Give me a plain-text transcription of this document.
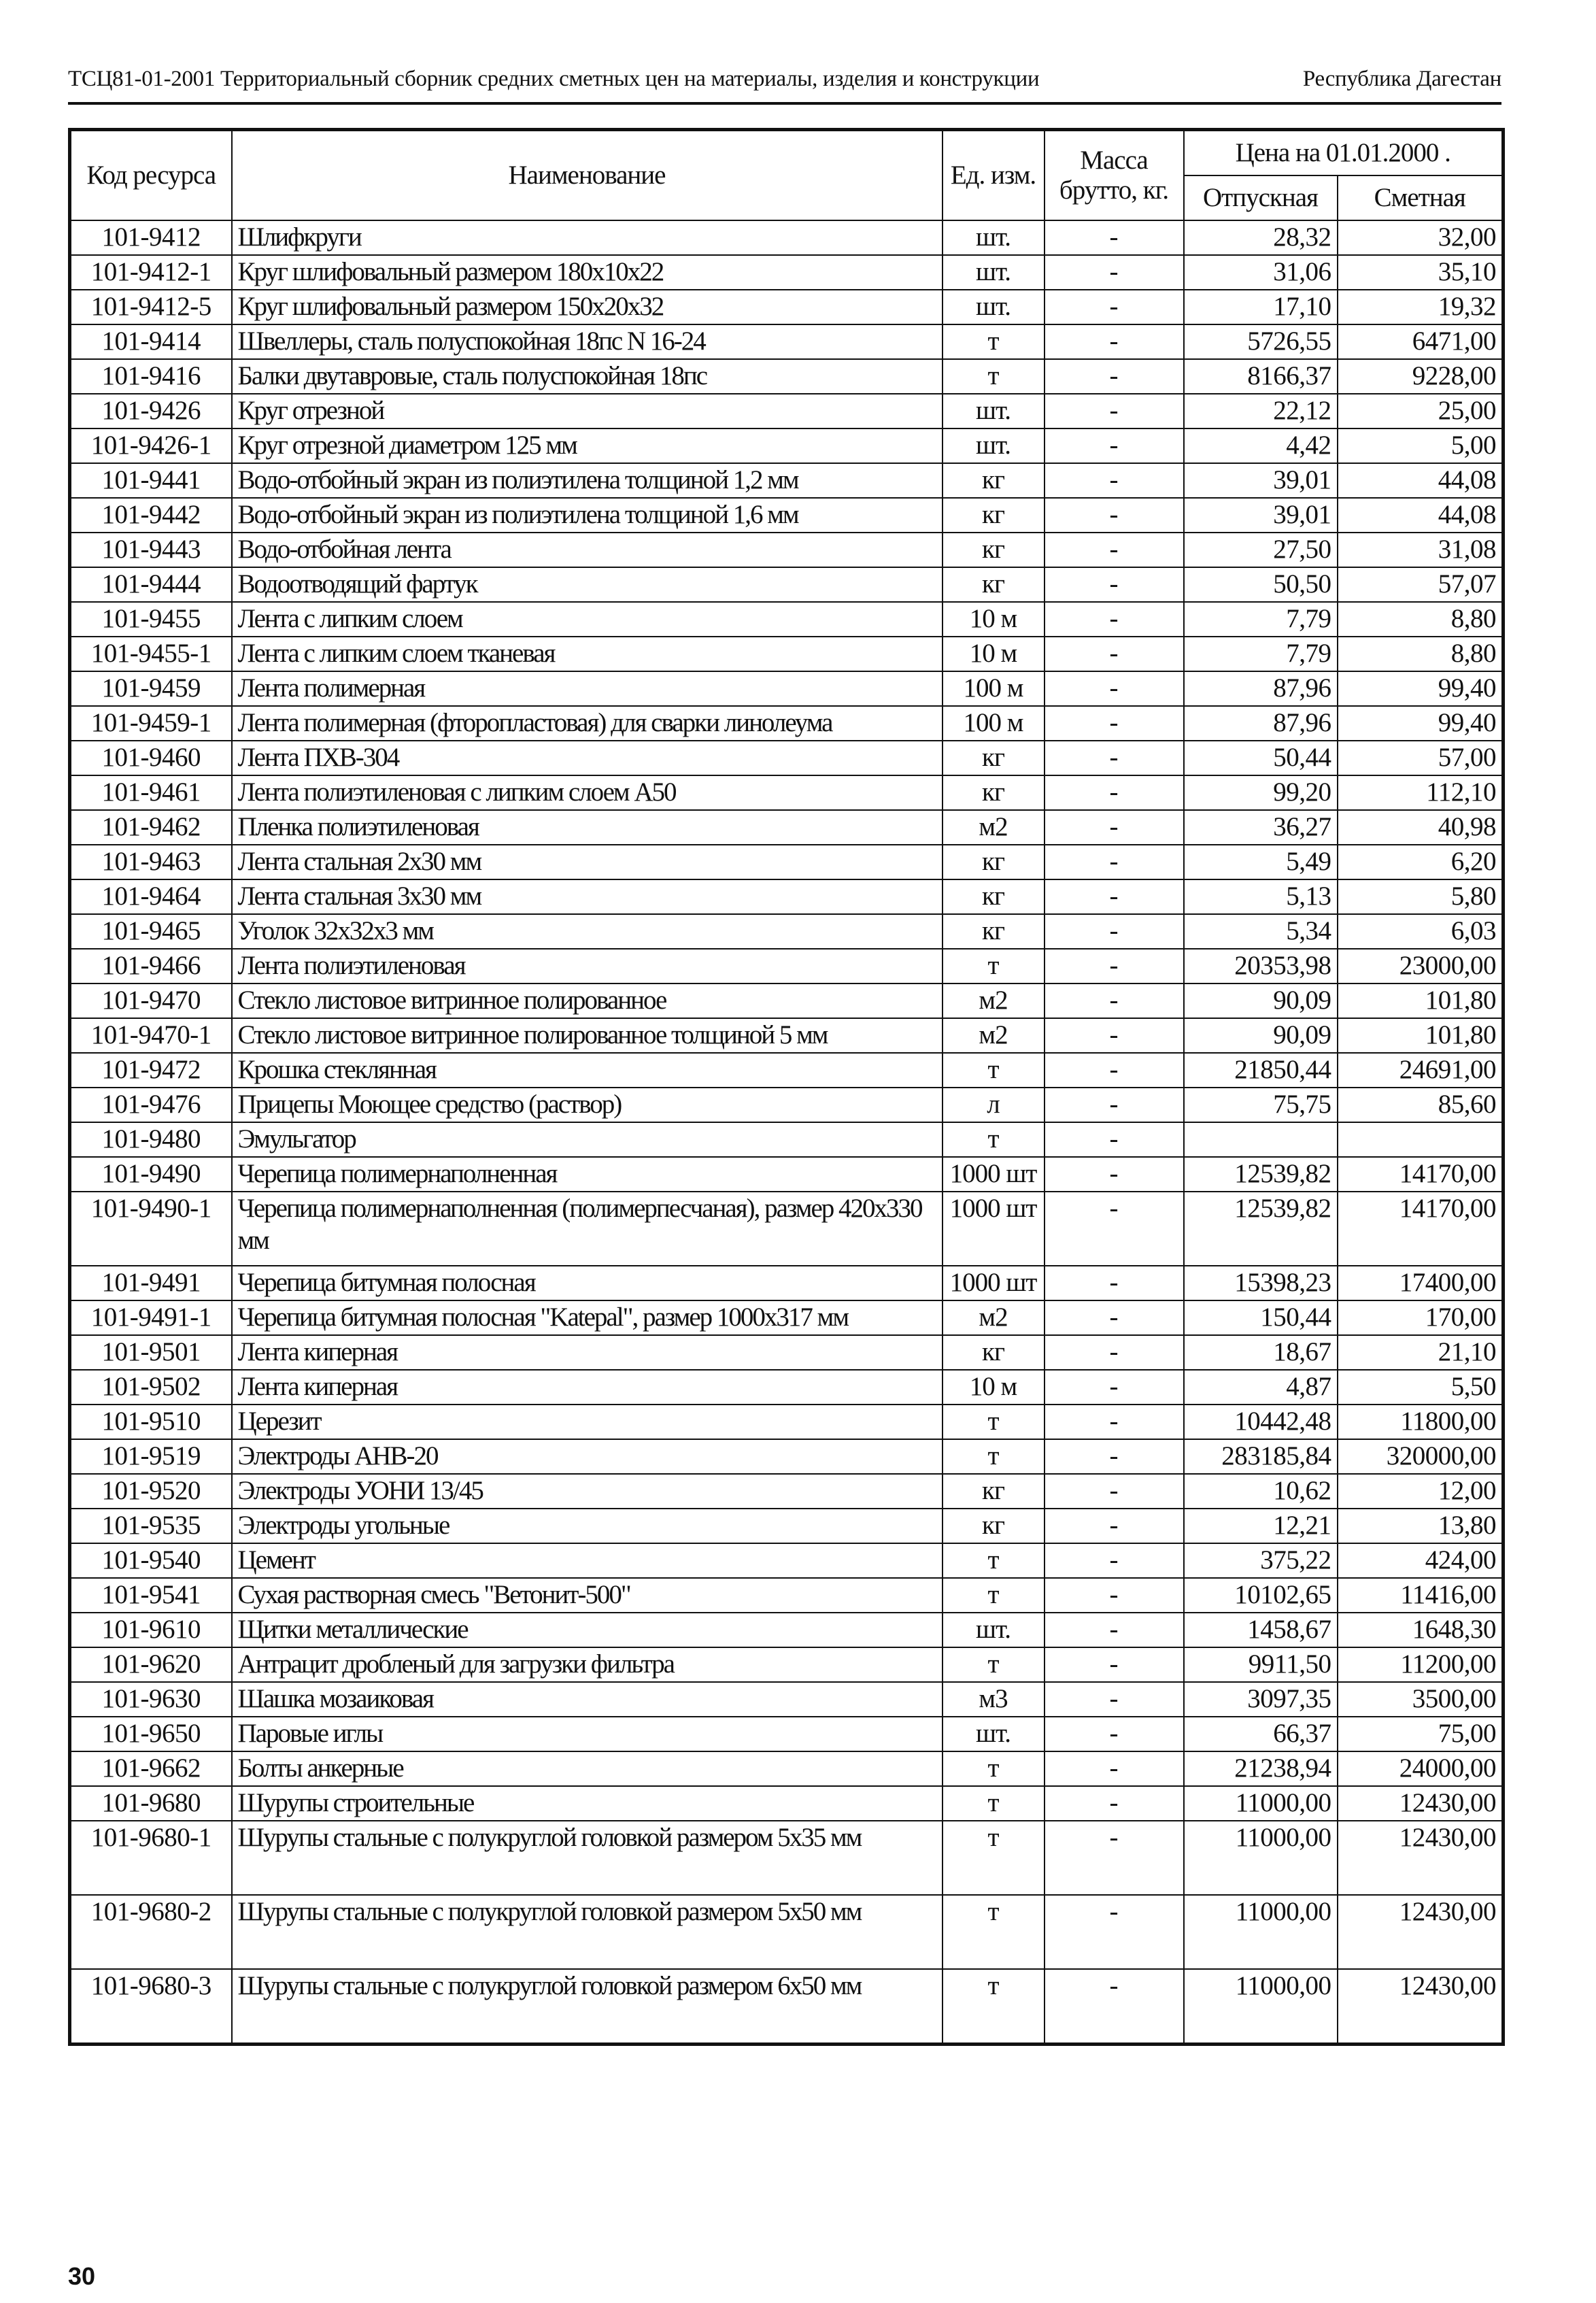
ТСЦ81-01-2001 Территориальный сборник средних сметных цен на материалы, изделия и конструкции	Республика Дагестан
Код ресурса	Наименование	Ед. изм.	Масса брутто, кг.	Цена на 01.01.2000 .	
				Отпускная	Сметная
101-9412	Шлифкруги	шт.	-	28,32	32,00
101-9412-1	Круг шлифовальный размером 180х10х22	шт.	-	31,06	35,10
101-9412-5	Круг шлифовальный размером 150х20х32	шт.	-	17,10	19,32
101-9414	Швеллеры, сталь полуспокойная 18пс N 16-24	т	-	5726,55	6471,00
101-9416	Балки двутавровые, сталь полуспокойная 18пс	т	-	8166,37	9228,00
101-9426	Круг отрезной	шт.	-	22,12	25,00
101-9426-1	Круг отрезной диаметром 125 мм	шт.	-	4,42	5,00
101-9441	Водо-отбойный экран из полиэтилена толщиной 1,2 мм	кг	-	39,01	44,08
101-9442	Водо-отбойный экран из полиэтилена толщиной 1,6 мм	кг	-	39,01	44,08
101-9443	Водо-отбойная лента	кг	-	27,50	31,08
101-9444	Водоотводящий фартук	кг	-	50,50	57,07
101-9455	Лента с липким слоем	10 м	-	7,79	8,80
101-9455-1	Лента с липким слоем тканевая	10 м	-	7,79	8,80
101-9459	Лента полимерная	100 м	-	87,96	99,40
101-9459-1	Лента полимерная (фторопластовая) для сварки линолеума	100 м	-	87,96	99,40
101-9460	Лента ПХВ-304	кг	-	50,44	57,00
101-9461	Лента полиэтиленовая с липким слоем А50	кг	-	99,20	112,10
101-9462	Пленка полиэтиленовая	м2	-	36,27	40,98
101-9463	Лента стальная 2х30 мм	кг	-	5,49	6,20
101-9464	Лента стальная 3х30 мм	кг	-	5,13	5,80
101-9465	Уголок 32х32х3 мм	кг	-	5,34	6,03
101-9466	Лента полиэтиленовая	т	-	20353,98	23000,00
101-9470	Стекло листовое витринное полированное	м2	-	90,09	101,80
101-9470-1	Стекло листовое витринное полированное толщиной 5 мм	м2	-	90,09	101,80
101-9472	Крошка стеклянная	т	-	21850,44	24691,00
101-9476	Прицепы Моющее средство (раствор)	л	-	75,75	85,60
101-9480	Эмульгатор	т	-		
101-9490	Черепица полимернаполненная	1000 шт	-	12539,82	14170,00
101-9490-1	Черепица полимернаполненная (полимерпесчаная), размер 420х330 мм	1000 шт	-	12539,82	14170,00
101-9491	Черепица битумная полосная	1000 шт	-	15398,23	17400,00
101-9491-1	Черепица битумная полосная "Katepal", размер 1000х317 мм	м2	-	150,44	170,00
101-9501	Лента киперная	кг	-	18,67	21,10
101-9502	Лента киперная	10 м	-	4,87	5,50
101-9510	Церезит	т	-	10442,48	11800,00
101-9519	Электроды АНВ-20	т	-	283185,84	320000,00
101-9520	Электроды УОНИ 13/45	кг	-	10,62	12,00
101-9535	Электроды угольные	кг	-	12,21	13,80
101-9540	Цемент	т	-	375,22	424,00
101-9541	Сухая растворная смесь "Ветонит-500"	т	-	10102,65	11416,00
101-9610	Щитки металлические	шт.	-	1458,67	1648,30
101-9620	Антрацит дробленый для загрузки фильтра	т	-	9911,50	11200,00
101-9630	Шашка мозаиковая	м3	-	3097,35	3500,00
101-9650	Паровые иглы	шт.	-	66,37	75,00
101-9662	Болты анкерные	т	-	21238,94	24000,00
101-9680	Шурупы строительные	т	-	11000,00	12430,00
101-9680-1	Шурупы стальные с полукруглой головкой размером 5х35 мм	т	-	11000,00	12430,00
101-9680-2	Шурупы стальные с полукруглой головкой размером 5х50 мм	т	-	11000,00	12430,00
101-9680-3	Шурупы стальные с полукруглой головкой размером 6х50 мм	т	-	11000,00	12430,00
30
